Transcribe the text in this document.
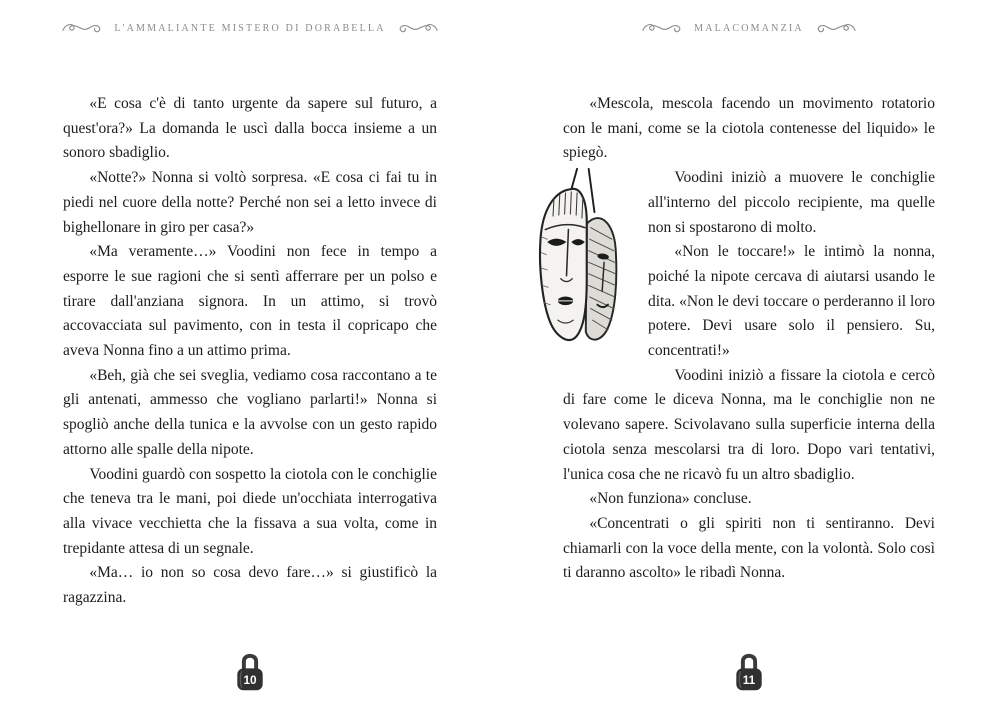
L'AMMALIANTE MISTERO DI DORABELLA

«E cosa c'è di tanto urgente da sapere sul futuro, a quest'ora?» La domanda le uscì dalla bocca insieme a un sonoro sbadiglio.

«Notte?» Nonna si voltò sorpresa. «E cosa ci fai tu in piedi nel cuore della notte? Perché non sei a letto invece di bighellonare in giro per casa?»

«Ma veramente…» Voodini non fece in tempo a esporre le sue ragioni che si sentì afferrare per un polso e tirare dall'anziana signora. In un attimo, si trovò accovacciata sul pavimento, con in testa il copricapo che aveva Nonna fino a un attimo prima.

«Beh, già che sei sveglia, vediamo cosa raccontano a te gli antenati, ammesso che vogliano parlarti!» Nonna si spogliò anche della tunica e la avvolse con un gesto rapido attorno alle spalle della nipote.

Voodini guardò con sospetto la ciotola con le conchiglie che teneva tra le mani, poi diede un'occhiata interrogativa alla vivace vecchietta che la fissava a sua volta, come in trepidante attesa di un segnale.

«Ma… io non so cosa devo fare…» si giustificò la ragazzina.

10
MALACOMANZIA

«Mescola, mescola facendo un movimento rotatorio con le mani, come se la ciotola contenesse del liquido» le spiegò.

Voodini iniziò a muovere le conchiglie all'interno del piccolo recipiente, ma quelle non si spostarono di molto.

«Non le toccare!» le intimò la nonna, poiché la nipote cercava di aiutarsi usando le dita. «Non le devi toccare o perderanno il loro potere. Devi usare solo il pensiero. Su, concentrati!»

Voodini iniziò a fissare la ciotola e cercò di fare come le diceva Nonna, ma le conchiglie non ne volevano sapere. Scivolavano sulla superficie interna della ciotola senza mescolarsi tra di loro. Dopo vari tentativi, l'unica cosa che ne ricavò fu un altro sbadiglio.

«Non funziona» concluse.

«Concentrati o gli spiriti non ti sentiranno. Devi chiamarli con la voce della mente, con la volontà. Solo così ti daranno ascolto» le ribadì Nonna.

11
